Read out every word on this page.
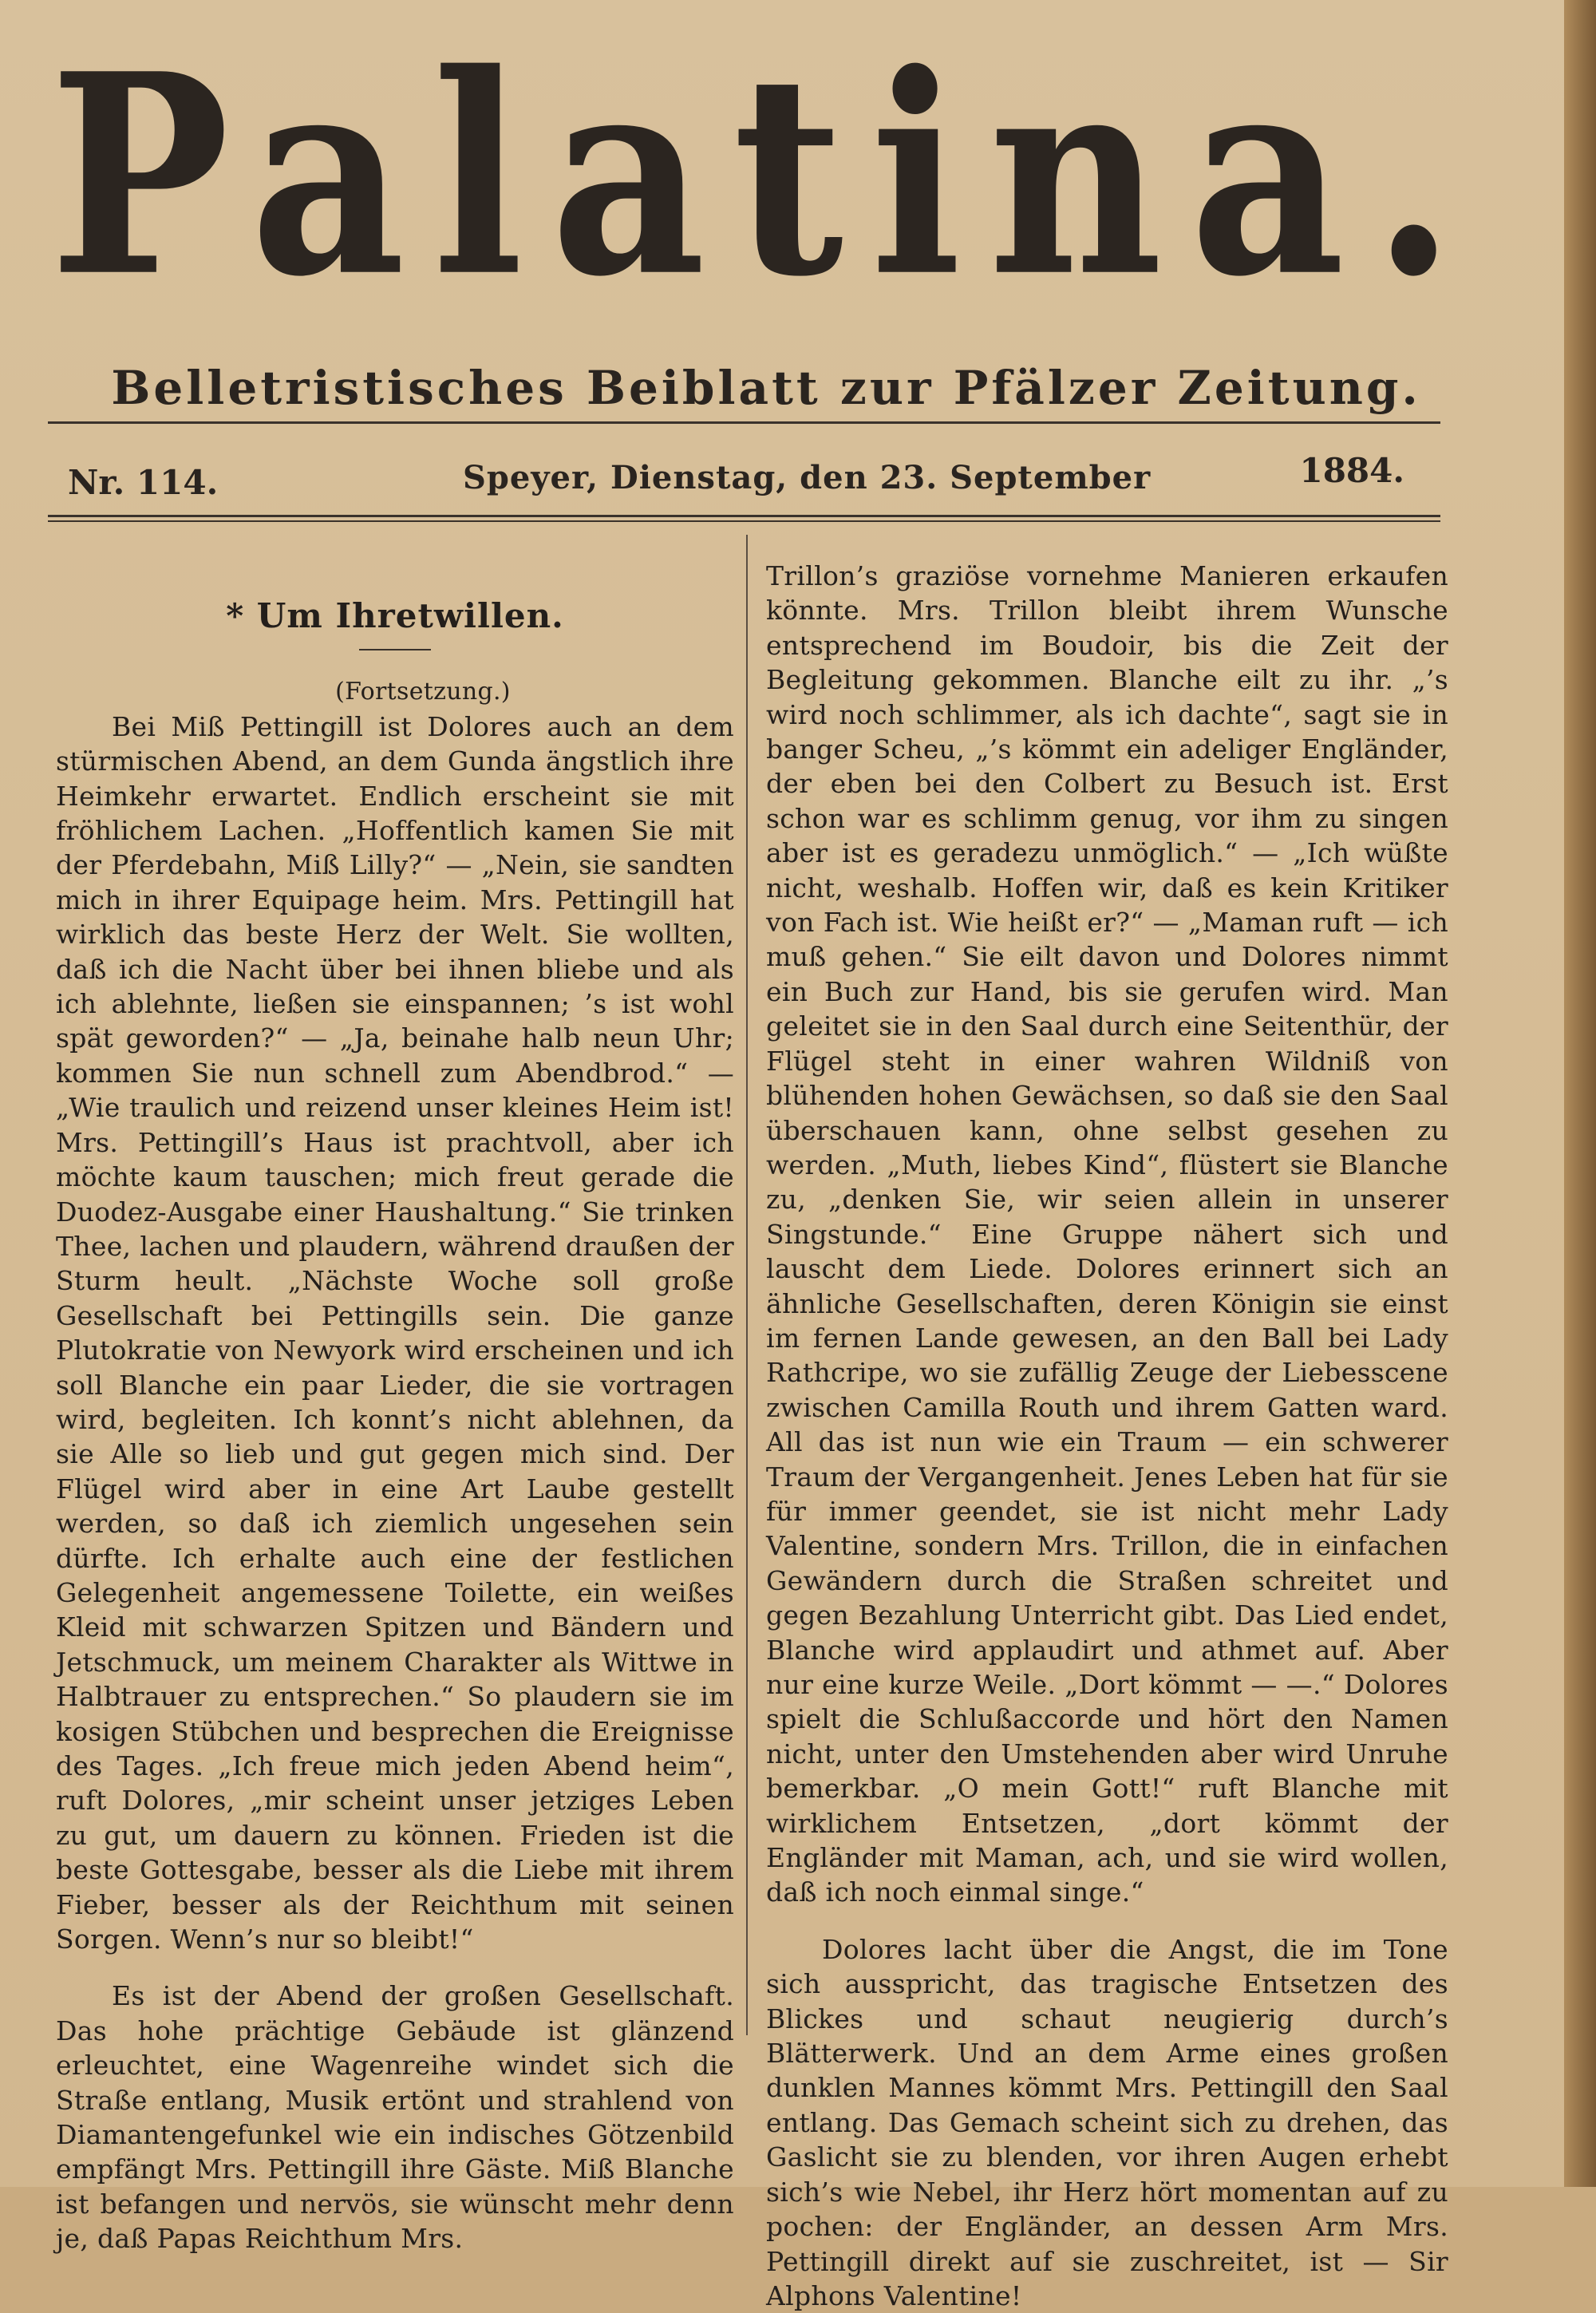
Palatina.
Belletristisches Beiblatt zur Pfälzer Zeitung.
Nr. 114.	Speyer, Dienstag, den 23. September	1884.
* Um Ihretwillen.

(Fortsetzung.)

Bei Miß Pettingill ist Dolores auch an dem stürmischen Abend, an dem Gunda ängstlich ihre Heimkehr erwartet. Endlich erscheint sie mit fröhlichem Lachen. „Hoffentlich kamen Sie mit der Pferdebahn, Miß Lilly?“ — „Nein, sie sandten mich in ihrer Equipage heim. Mrs. Pettingill hat wirklich das beste Herz der Welt. Sie wollten, daß ich die Nacht über bei ihnen bliebe und als ich ablehnte, ließen sie einspannen; ’s ist wohl spät geworden?“ — „Ja, beinahe halb neun Uhr; kommen Sie nun schnell zum Abendbrod.“ — „Wie traulich und reizend unser kleines Heim ist! Mrs. Pettingill’s Haus ist prachtvoll, aber ich möchte kaum tauschen; mich freut gerade die Duodez-Ausgabe einer Haushaltung.“ Sie trinken Thee, lachen und plaudern, während draußen der Sturm heult. „Nächste Woche soll große Gesellschaft bei Pettingills sein. Die ganze Plutokratie von Newyork wird erscheinen und ich soll Blanche ein paar Lieder, die sie vortragen wird, begleiten. Ich konnt’s nicht ablehnen, da sie Alle so lieb und gut gegen mich sind. Der Flügel wird aber in eine Art Laube gestellt werden, so daß ich ziemlich ungesehen sein dürfte. Ich erhalte auch eine der festlichen Gelegenheit angemessene Toilette, ein weißes Kleid mit schwarzen Spitzen und Bändern und Jetschmuck, um meinem Charakter als Wittwe in Halbtrauer zu entsprechen.“ So plaudern sie im kosigen Stübchen und besprechen die Ereignisse des Tages. „Ich freue mich jeden Abend heim“, ruft Dolores, „mir scheint unser jetziges Leben zu gut, um dauern zu können. Frieden ist die beste Gottesgabe, besser als die Liebe mit ihrem Fieber, besser als der Reichthum mit seinen Sorgen. Wenn’s nur so bleibt!“

Es ist der Abend der großen Gesellschaft. Das hohe prächtige Gebäude ist glänzend erleuchtet, eine Wagenreihe windet sich die Straße entlang, Musik ertönt und strahlend von Diamantengefunkel wie ein indisches Götzenbild empfängt Mrs. Pettingill ihre Gäste. Miß Blanche ist befangen und nervös, sie wünscht mehr denn je, daß Papas Reichthum Mrs.

Trillon’s graziöse vornehme Manieren erkaufen könnte. Mrs. Trillon bleibt ihrem Wunsche entsprechend im Boudoir, bis die Zeit der Begleitung gekommen. Blanche eilt zu ihr. „’s wird noch schlimmer, als ich dachte“, sagt sie in banger Scheu, „’s kömmt ein adeliger Engländer, der eben bei den Colbert zu Besuch ist. Erst schon war es schlimm genug, vor ihm zu singen aber ist es geradezu unmöglich.“ — „Ich wüßte nicht, weshalb. Hoffen wir, daß es kein Kritiker von Fach ist. Wie heißt er?“ — „Maman ruft — ich muß gehen.“ Sie eilt davon und Dolores nimmt ein Buch zur Hand, bis sie gerufen wird. Man geleitet sie in den Saal durch eine Seitenthür, der Flügel steht in einer wahren Wildniß von blühenden hohen Gewächsen, so daß sie den Saal überschauen kann, ohne selbst gesehen zu werden. „Muth, liebes Kind“, flüstert sie Blanche zu, „denken Sie, wir seien allein in unserer Singstunde.“ Eine Gruppe nähert sich und lauscht dem Liede. Dolores erinnert sich an ähnliche Gesellschaften, deren Königin sie einst im fernen Lande gewesen, an den Ball bei Lady Rathcripe, wo sie zufällig Zeuge der Liebesscene zwischen Camilla Routh und ihrem Gatten ward. All das ist nun wie ein Traum — ein schwerer Traum der Vergangenheit. Jenes Leben hat für sie für immer geendet, sie ist nicht mehr Lady Valentine, sondern Mrs. Trillon, die in einfachen Gewändern durch die Straßen schreitet und gegen Bezahlung Unterricht gibt. Das Lied endet, Blanche wird applaudirt und athmet auf. Aber nur eine kurze Weile. „Dort kömmt — —.“ Dolores spielt die Schlußaccorde und hört den Namen nicht, unter den Umstehenden aber wird Unruhe bemerkbar. „O mein Gott!“ ruft Blanche mit wirklichem Entsetzen, „dort kömmt der Engländer mit Maman, ach, und sie wird wollen, daß ich noch einmal singe.“

Dolores lacht über die Angst, die im Tone sich ausspricht, das tragische Entsetzen des Blickes und schaut neugierig durch’s Blätterwerk. Und an dem Arme eines großen dunklen Mannes kömmt Mrs. Pettingill den Saal entlang. Das Gemach scheint sich zu drehen, das Gaslicht sie zu blenden, vor ihren Augen erhebt sich’s wie Nebel, ihr Herz hört momentan auf zu pochen: der Engländer, an dessen Arm Mrs. Pettingill direkt auf sie zuschreitet, ist — Sir Alphons Valentine!
